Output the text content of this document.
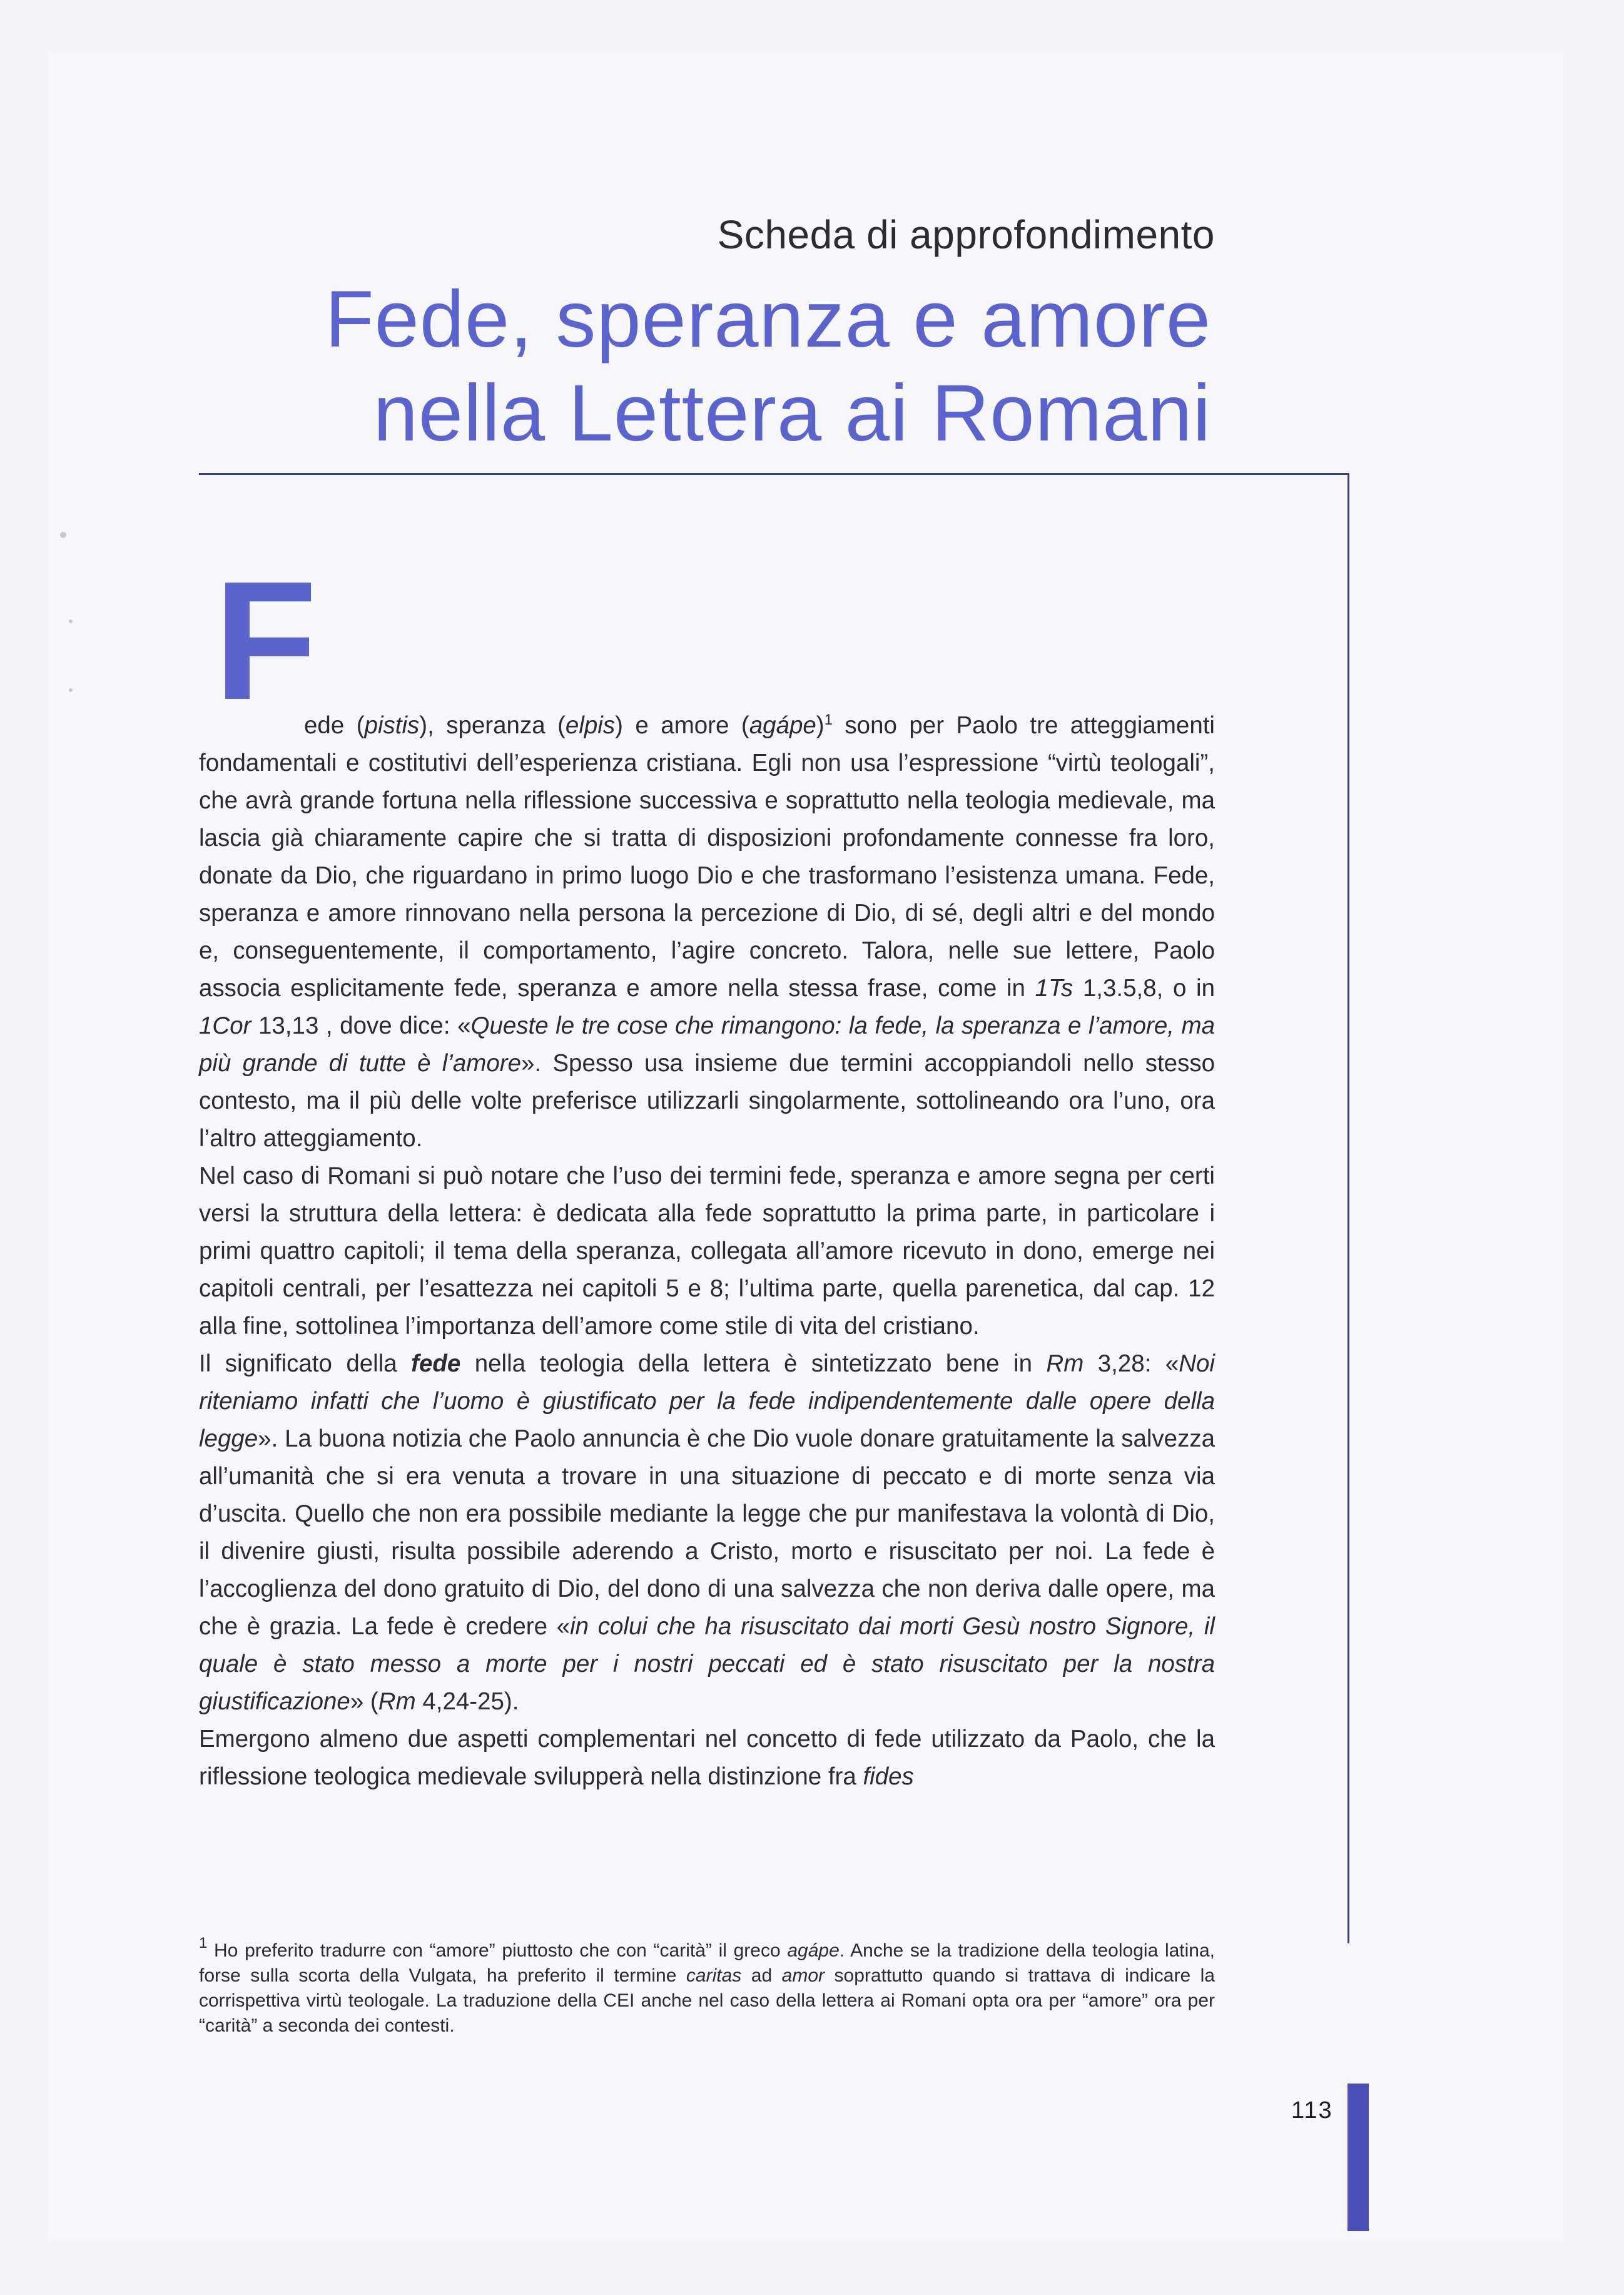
Scheda di approfondimento
Fede, speranza e amore
nella Lettera ai Romani
F

ede (pistis), speranza (elpis) e amore (agápe)$^1$ sono per Paolo tre atteggiamenti fondamentali e costitutivi dell’esperienza cristiana. Egli non usa l’espressione “virtù teologali”, che avrà grande fortuna nella riflessione successiva e soprattutto nella teologia medievale, ma lascia già chiaramente capire che si tratta di disposizioni profondamente connesse fra loro, donate da Dio, che riguardano in primo luogo Dio e che trasformano l’esistenza umana. Fede, speranza e amore rinnovano nella persona la percezione di Dio, di sé, degli altri e del mondo e, conseguentemente, il comportamento, l’agire concreto. Talora, nelle sue lettere, Paolo associa esplicitamente fede, speranza e amore nella stessa frase, come in 1Ts 1,3.5,8, o in 1Cor 13,13 , dove dice: «Queste le tre cose che rimangono: la fede, la speranza e l’amore, ma più grande di tutte è l’amore». Spesso usa insieme due termini accoppiandoli nello stesso contesto, ma il più delle volte preferisce utilizzarli singolarmente, sottolineando ora l’uno, ora l’altro atteggiamento.

Nel caso di Romani si può notare che l’uso dei termini fede, speranza e amore segna per certi versi la struttura della lettera: è dedicata alla fede soprattutto la prima parte, in particolare i primi quattro capitoli; il tema della speranza, collegata all’amore ricevuto in dono, emerge nei capitoli centrali, per l’esattezza nei capitoli 5 e 8; l’ultima parte, quella parenetica, dal cap. 12 alla fine, sottolinea l’importanza dell’amore come stile di vita del cristiano.

Il significato della fede nella teologia della lettera è sintetizzato bene in Rm 3,28: «Noi riteniamo infatti che l’uomo è giustificato per la fede indipendentemente dalle opere della legge». La buona notizia che Paolo annuncia è che Dio vuole donare gratuitamente la salvezza all’umanità che si era venuta a trovare in una situazione di peccato e di morte senza via d’uscita. Quello che non era possibile mediante la legge che pur manifestava la volontà di Dio, il divenire giusti, risulta possibile aderendo a Cristo, morto e risuscitato per noi. La fede è l’accoglienza del dono gratuito di Dio, del dono di una salvezza che non deriva dalle opere, ma che è grazia. La fede è credere «in colui che ha risuscitato dai morti Gesù nostro Signore, il quale è stato messo a morte per i nostri peccati ed è stato risuscitato per la nostra giustificazione» (Rm 4,24-25).

Emergono almeno due aspetti complementari nel concetto di fede utilizzato da Paolo, che la riflessione teologica medievale svilupperà nella distinzione fra fides

$^1$ Ho preferito tradurre con “amore” piuttosto che con “carità” il greco agápe. Anche se la tradizione della teologia latina, forse sulla scorta della Vulgata, ha preferito il termine caritas ad amor soprattutto quando si trattava di indicare la corrispettiva virtù teologale. La traduzione della CEI anche nel caso della lettera ai Romani opta ora per “amore” ora per “carità” a seconda dei contesti.
113
